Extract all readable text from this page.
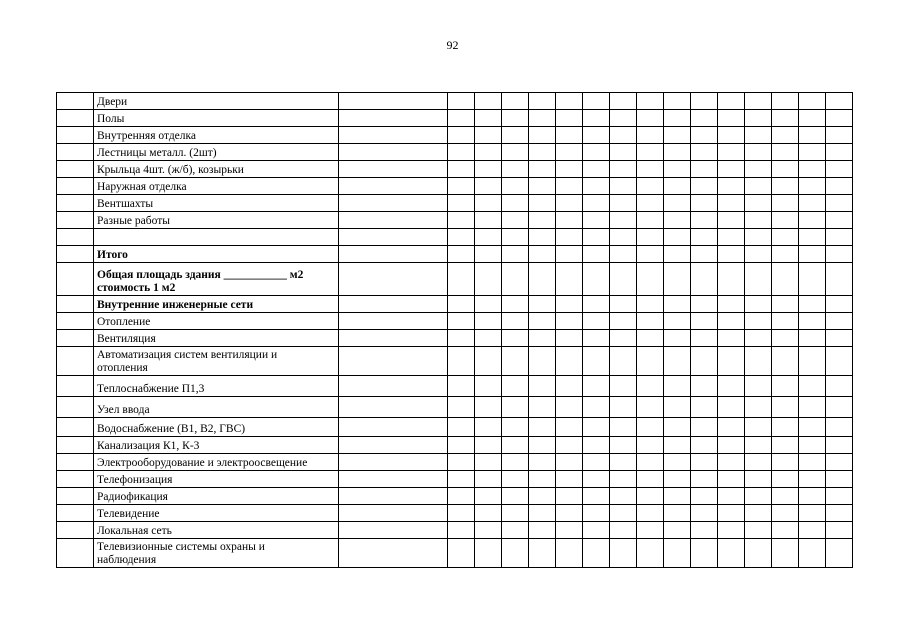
92
	Двери																
	Полы																
	Внутренняя отделка																
	Лестницы металл. (2шт)																
	Крыльца 4шт. (ж/б), козырьки																
	Наружная отделка																
	Вентшахты																
	Разные работы																

	Итого																
	Общая площадь здания ___________ м2
стоимость 1 м2																
	Внутренние инженерные сети																
	Отопление																
	Вентиляция																
	Автоматизация систем вентиляции и
отопления																
	Теплоснабжение П1,3																
	Узел ввода																
	Водоснабжение (В1, В2, ГВС)																
	Канализация К1, К-3																
	Электрооборудование и электроосвещение																
	Телефонизация																
	Радиофикация																
	Телевидение																
	Локальная сеть																
	Телевизионные системы охраны и
наблюдения																
